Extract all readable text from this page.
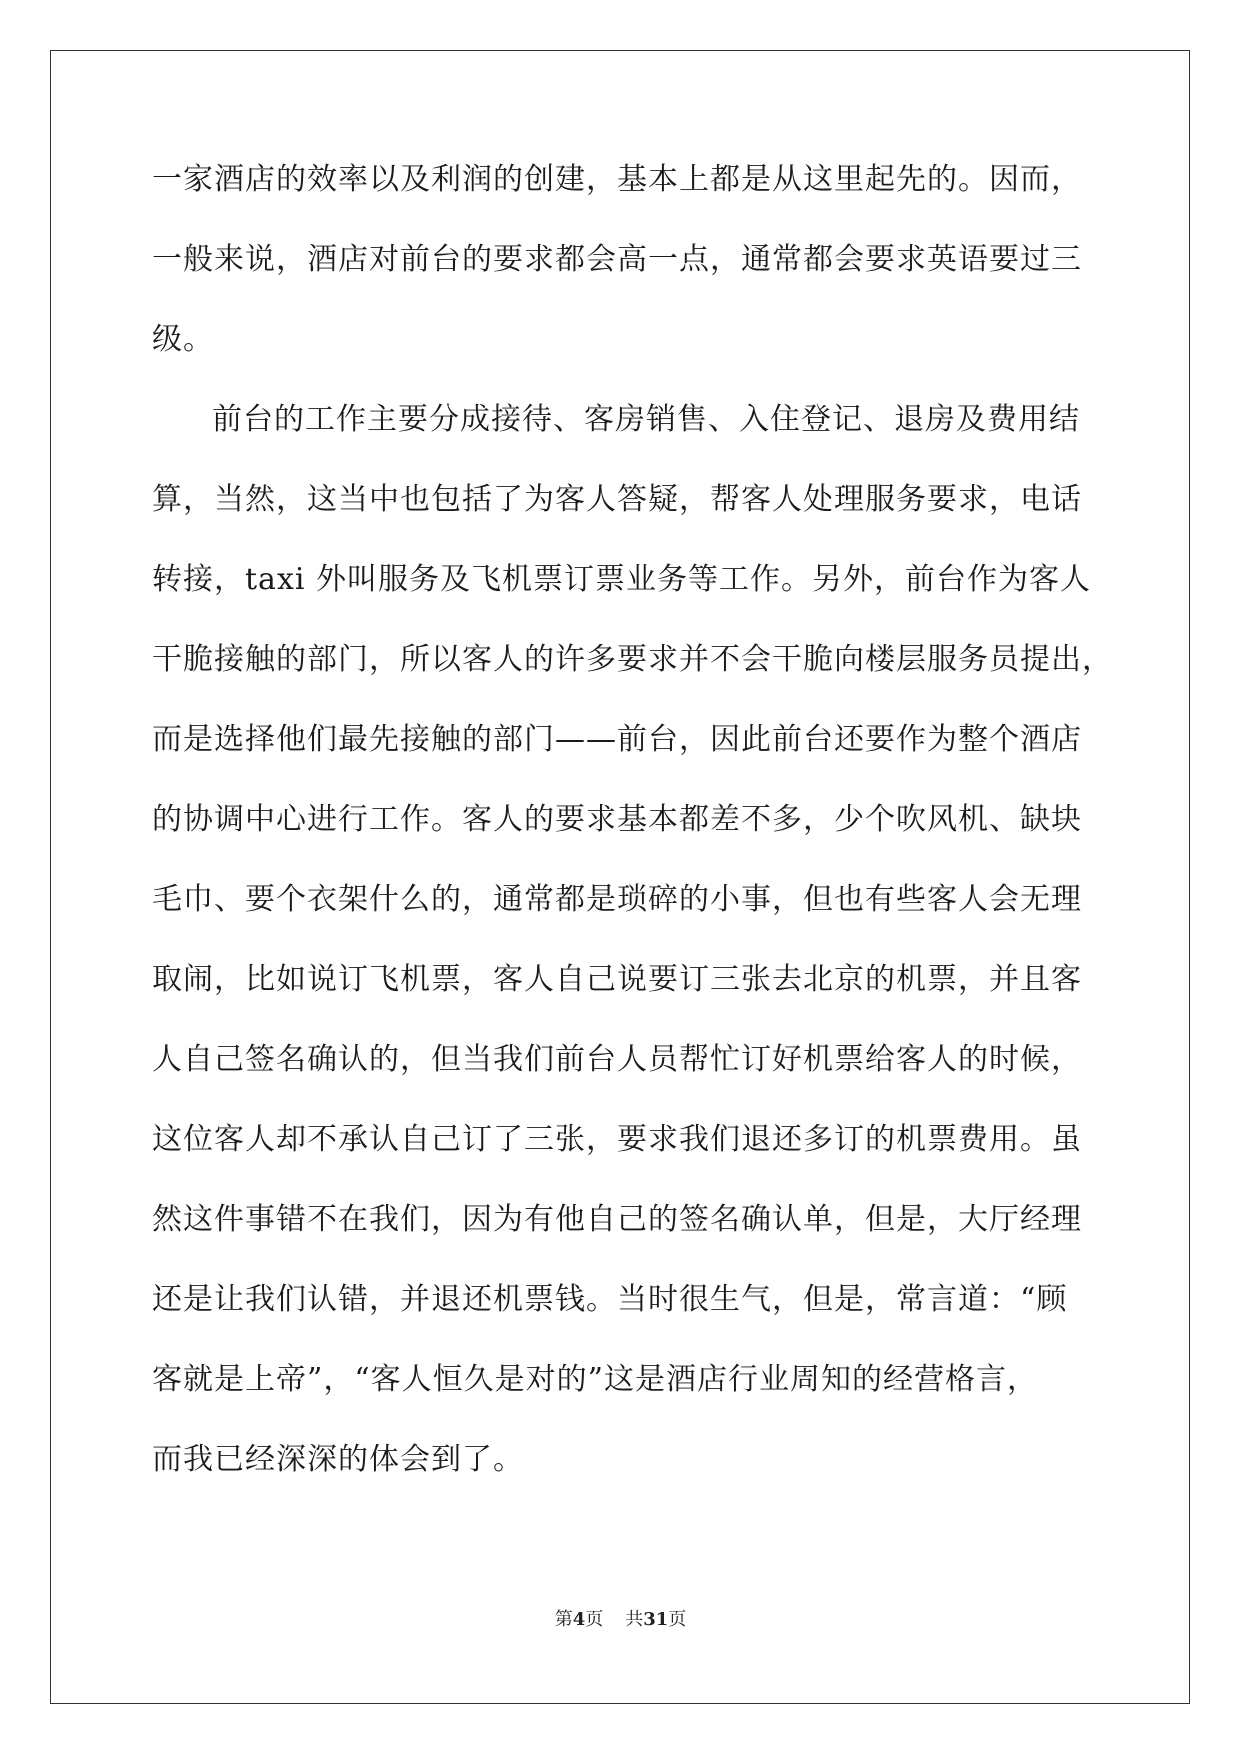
一家酒店的效率以及利润的创建，基本上都是从这里起先的。因而，
一般来说，酒店对前台的要求都会高一点，通常都会要求英语要过三
级。
前台的工作主要分成接待、客房销售、入住登记、退房及费用结
算，当然，这当中也包括了为客人答疑，帮客人处理服务要求，电话
转接，taxi 外叫服务及飞机票订票业务等工作。另外，前台作为客人
干脆接触的部门，所以客人的许多要求并不会干脆向楼层服务员提出，
而是选择他们最先接触的部门——前台，因此前台还要作为整个酒店
的协调中心进行工作。客人的要求基本都差不多，少个吹风机、缺块
毛巾、要个衣架什么的，通常都是琐碎的小事，但也有些客人会无理
取闹，比如说订飞机票，客人自己说要订三张去北京的机票，并且客
人自己签名确认的，但当我们前台人员帮忙订好机票给客人的时候，
这位客人却不承认自己订了三张，要求我们退还多订的机票费用。虽
然这件事错不在我们，因为有他自己的签名确认单，但是，大厅经理
还是让我们认错，并退还机票钱。当时很生气，但是，常言道：“顾
客就是上帝”，“客人恒久是对的”这是酒店行业周知的经营格言，
而我已经深深的体会到了。
第4页 共31页
